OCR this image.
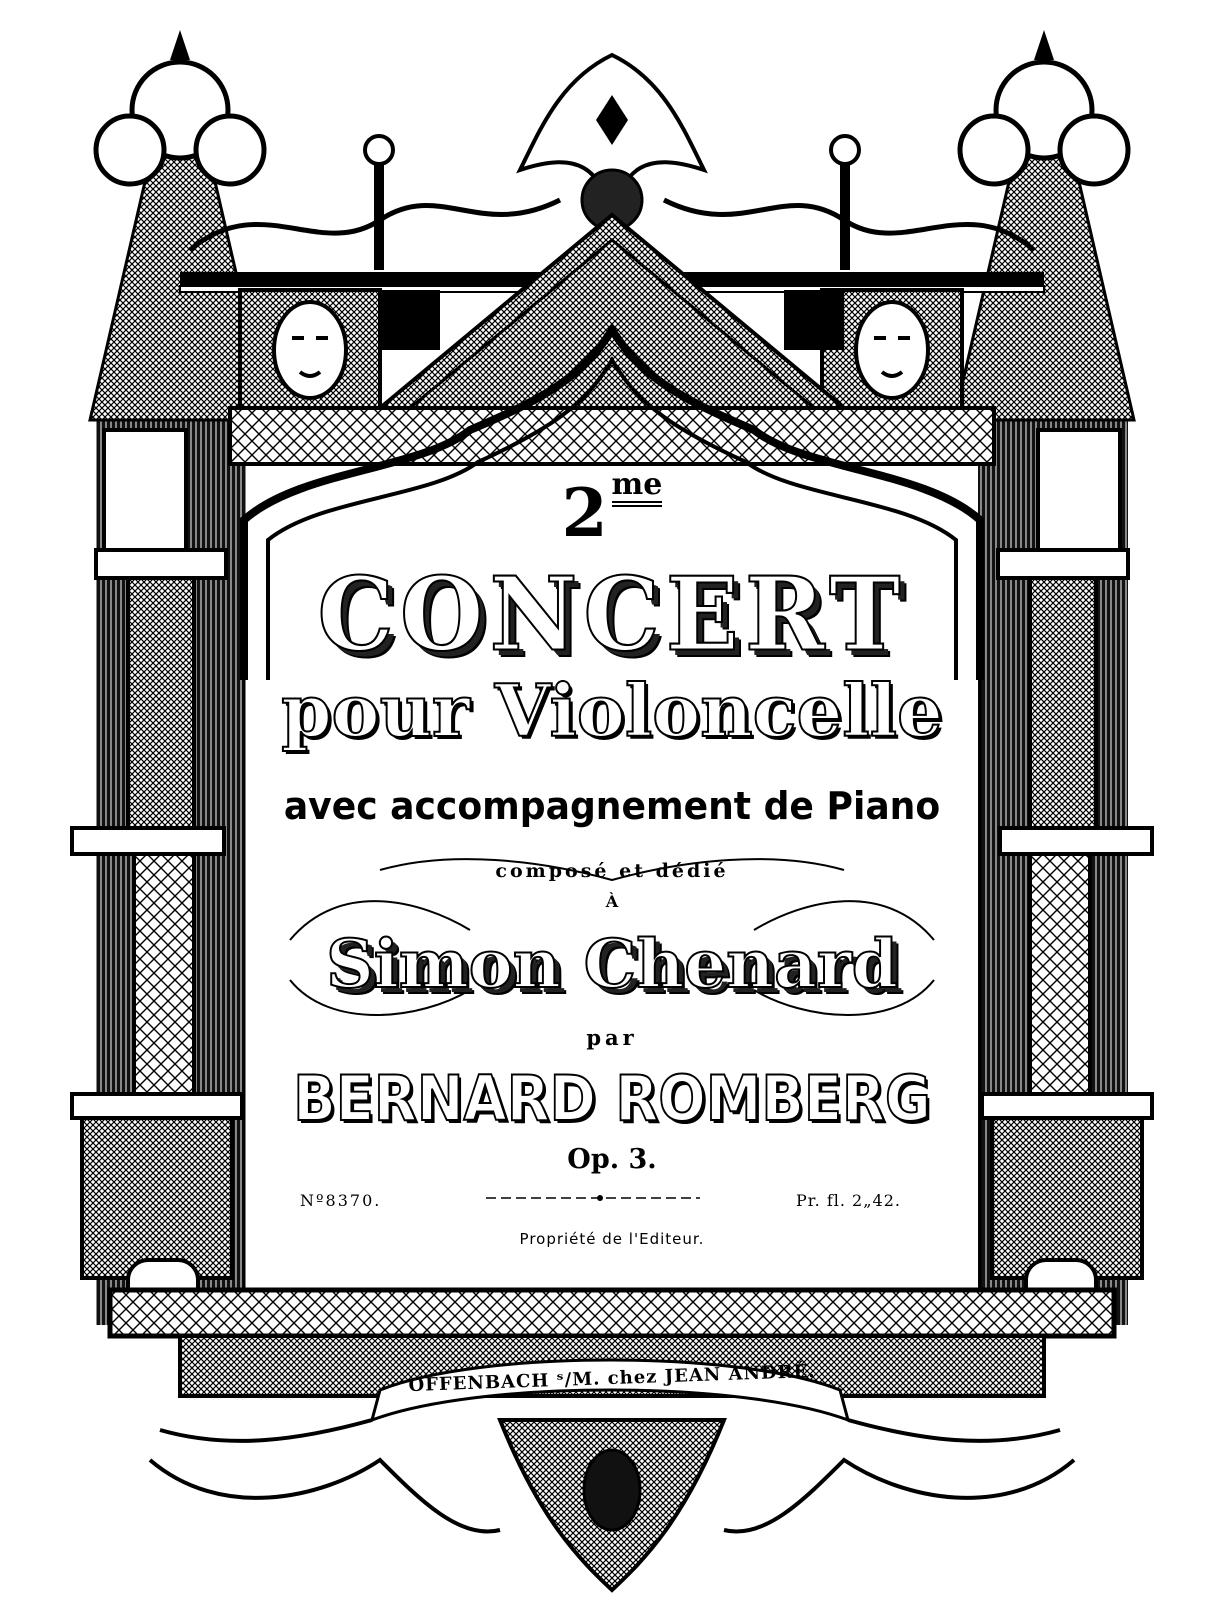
2 me
CONCERT
pour Violoncelle
avec accompagnement de Piano
composé et dédié
À
Simon Chenard
par
BERNARD ROMBERG
Op. 3.
Nº8370.	Pr. fl. 2„42.
Propriété de l'Editeur.
OFFENBACH ˢ/M. chez JEAN ANDRÉ.
